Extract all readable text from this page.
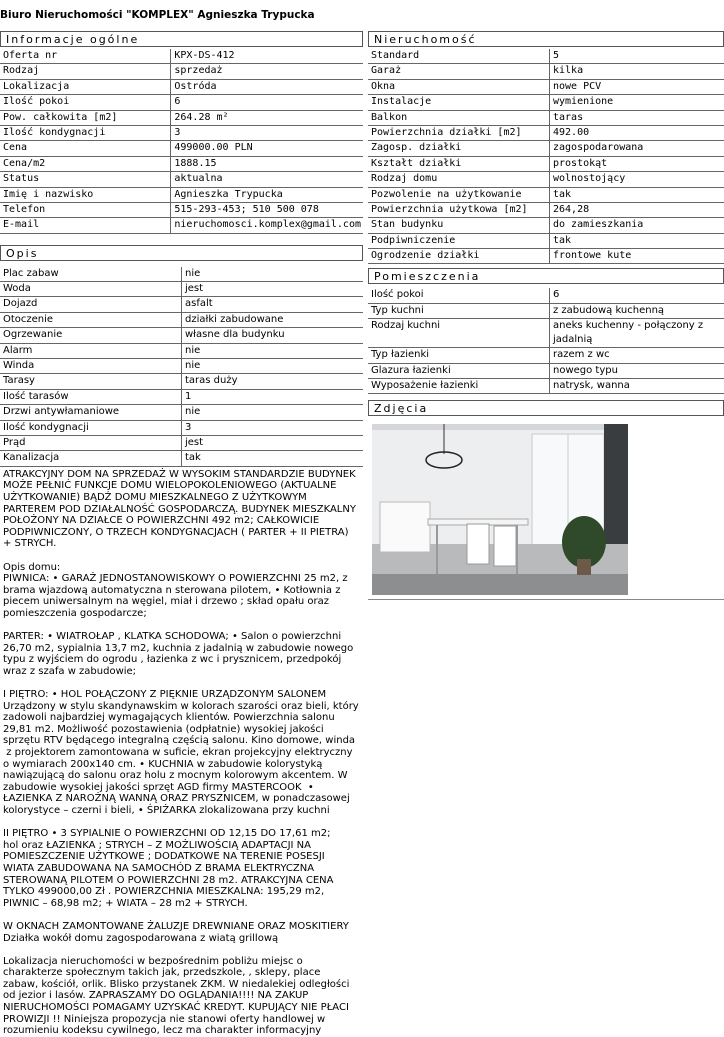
Biuro Nieruchomości "KOMPLEX" Agnieszka Trypucka
Informacje ogólne
Oferta nr	KPX-DS-412
Rodzaj	sprzedaż
Lokalizacja	Ostróda
Ilość pokoi	6
Pow. całkowita [m2]	264.28 m²
Ilość kondygnacji	3
Cena	499000.00 PLN
Cena/m2	1888.15
Status	aktualna
Imię i nazwisko	Agnieszka Trypucka
Telefon	515-293-453; 510 500 078
E-mail	nieruchomosci.komplex@gmail.com
Opis
Plac zabaw	nie
Woda	jest
Dojazd	asfalt
Otoczenie	działki zabudowane
Ogrzewanie	własne dla budynku
Alarm	nie
Winda	nie
Tarasy	taras duży
Ilość tarasów	1
Drzwi antywłamaniowe	nie
Ilość kondygnacji	3
Prąd	jest
Kanalizacja	tak
ATRAKCYJNY DOM NA SPRZEDAŻ W WYSOKIM STANDARDZIE BUDYNEK
MOŻE PEŁNIĆ FUNKCJE DOMU WIELOPOKOLENIOWEGO (AKTUALNE
UŻYTKOWANIE) BĄDŹ DOMU MIESZKALNEGO Z UŻYTKOWYM
PARTEREM POD DZIAŁALNOŚĆ GOSPODARCZĄ. BUDYNEK MIESZKALNY
POŁOŻONY NA DZIAŁCE O POWIERZCHNI 492 m2; CAŁKOWICIE
PODPIWNICZONY, O TRZECH KONDYGNACJACH ( PARTER + II PIETRA)
+ STRYCH.

Opis domu:
PIWNICA: • GARAŻ JEDNOSTANOWISKOWY O POWIERZCHNI 25 m2, z
brama wjazdową automatyczna n sterowana pilotem, • Kotłownia z
piecem uniwersalnym na węgiel, miał i drzewo ; skład opału oraz
pomieszczenia gospodarcze;

PARTER: • WIATROŁAP , KLATKA SCHODOWA; • Salon o powierzchni
26,70 m2, sypialnia 13,7 m2, kuchnia z jadalnią w zabudowie nowego
typu z wyjściem do ogrodu , łazienka z wc i prysznicem, przedpokój
wraz z szafa w zabudowie;

I PIĘTRO: • HOL POŁĄCZONY Z PIĘKNIE URZĄDZONYM SALONEM
Urządzony w stylu skandynawskim w kolorach szarości oraz bieli, który
zadowoli najbardziej wymagających klientów. Powierzchnia salonu
29,81 m2. Możliwość pozostawienia (odpłatnie) wysokiej jakości
sprzętu RTV będącego integralną częścią salonu. Kino domowe, winda
z projektorem zamontowana w suficie, ekran projekcyjny elektryczny
o wymiarach 200x140 cm. • KUCHNIA w zabudowie kolorystyką
nawiązującą do salonu oraz holu z mocnym kolorowym akcentem. W
zabudowie wysokiej jakości sprzęt AGD firmy MASTERCOOK  •
ŁAZIENKA Z NAROŻNĄ WANNĄ ORAZ PRYSZNICEM, w ponadczasowej
kolorystyce – czerni i bieli, • ŚPIŻARKA zlokalizowana przy kuchni

II PIĘTRO • 3 SYPIALNIE O POWIERZCHNI OD 12,15 DO 17,61 m2;
hol oraz ŁAZIENKA ; STRYCH – Z MOŻLIWOŚCIĄ ADAPTACJI NA
POMIESZCZENIE UŻYTKOWE ; DODATKOWE NA TERENIE POSESJI
WIATA ZABUDOWANA NA SAMOCHÓD Z BRAMA ELEKTRYCZNA
STEROWANĄ PILOTEM O POWIERZCHNI 28 m2. ATRAKCYJNA CENA
TYLKO 499000,00 Zł . POWIERZCHNIA MIESZKALNA: 195,29 m2,
PIWNIC – 68,98 m2; + WIATA – 28 m2 + STRYCH.

W OKNACH ZAMONTOWANE ŻALUZJE DREWNIANE ORAZ MOSKITIERY
Działka wokół domu zagospodarowana z wiatą grillową

Lokalizacja nieruchomości w bezpośrednim pobliżu miejsc o
charakterze społecznym takich jak, przedszkole, , sklepy, place
zabaw, kościół, orlik. Blisko przystanek ZKM. W niedalekiej odległości
od jezior i lasów. ZAPRASZAMY DO OGLĄDANIA!!!! NA ZAKUP
NIERUCHOMOŚCI POMAGAMY UZYSKAĆ KREDYT. KUPUJĄCY NIE PŁACI
PROWIZJI !! Niniejsza propozycja nie stanowi oferty handlowej w
rozumieniu kodeksu cywilnego, lecz ma charakter informacyjny
Nieruchomość
Standard	5
Garaż	kilka
Okna	nowe PCV
Instalacje	wymienione
Balkon	taras
Powierzchnia działki [m2]	492.00
Zagosp. działki	zagospodarowana
Kształt działki	prostokąt
Rodzaj domu	wolnostojący
Pozwolenie na użytkowanie	tak
Powierzchnia użytkowa [m2]	264,28
Stan budynku	do zamieszkania
Podpiwniczenie	tak
Ogrodzenie działki	frontowe kute
Pomieszczenia
Ilość pokoi	6
Typ kuchni	z zabudową kuchenną
Rodzaj kuchni	aneks kuchenny - połączony z jadalnią
Typ łazienki	razem z wc
Glazura łazienki	nowego typu
Wyposażenie łazienki	natrysk, wanna
Zdjęcia
